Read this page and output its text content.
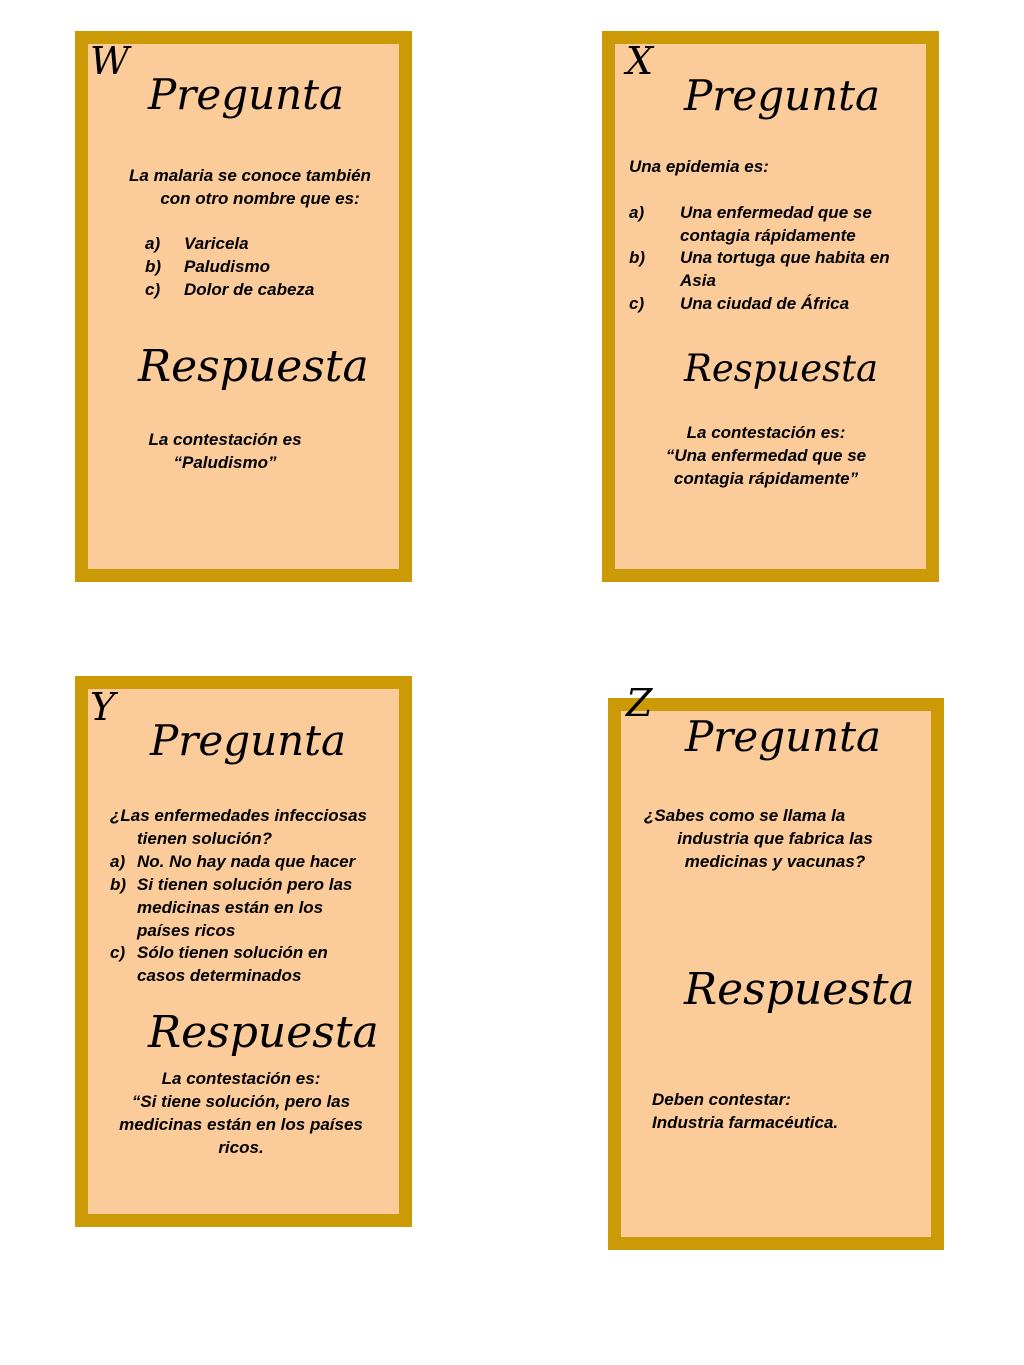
W
Pregunta
La malaria se conoce también
con otro nombre que es:
a) Varicela
b) Paludismo
c) Dolor de cabeza
Respuesta
La contestación es
“Paludismo”
X
Pregunta
Una epidemia es:
a) Una enfermedad que se
contagia rápidamente
b) Una tortuga que habita en
Asia
c) Una ciudad de África
Respuesta
La contestación es:
“Una enfermedad que se
contagia rápidamente”
Y
Pregunta
¿Las enfermedades infecciosas
tienen solución?
a) No. No hay nada que hacer
b) Si tienen solución pero las
medicinas están en los
países ricos
c) Sólo tienen solución en
casos determinados
Respuesta
La contestación es:
“Si tiene solución, pero las
medicinas están en los países
ricos.
Z
Pregunta
¿Sabes como se llama la
industria que fabrica las
medicinas y vacunas?
Respuesta
Deben contestar:
Industria farmacéutica.
